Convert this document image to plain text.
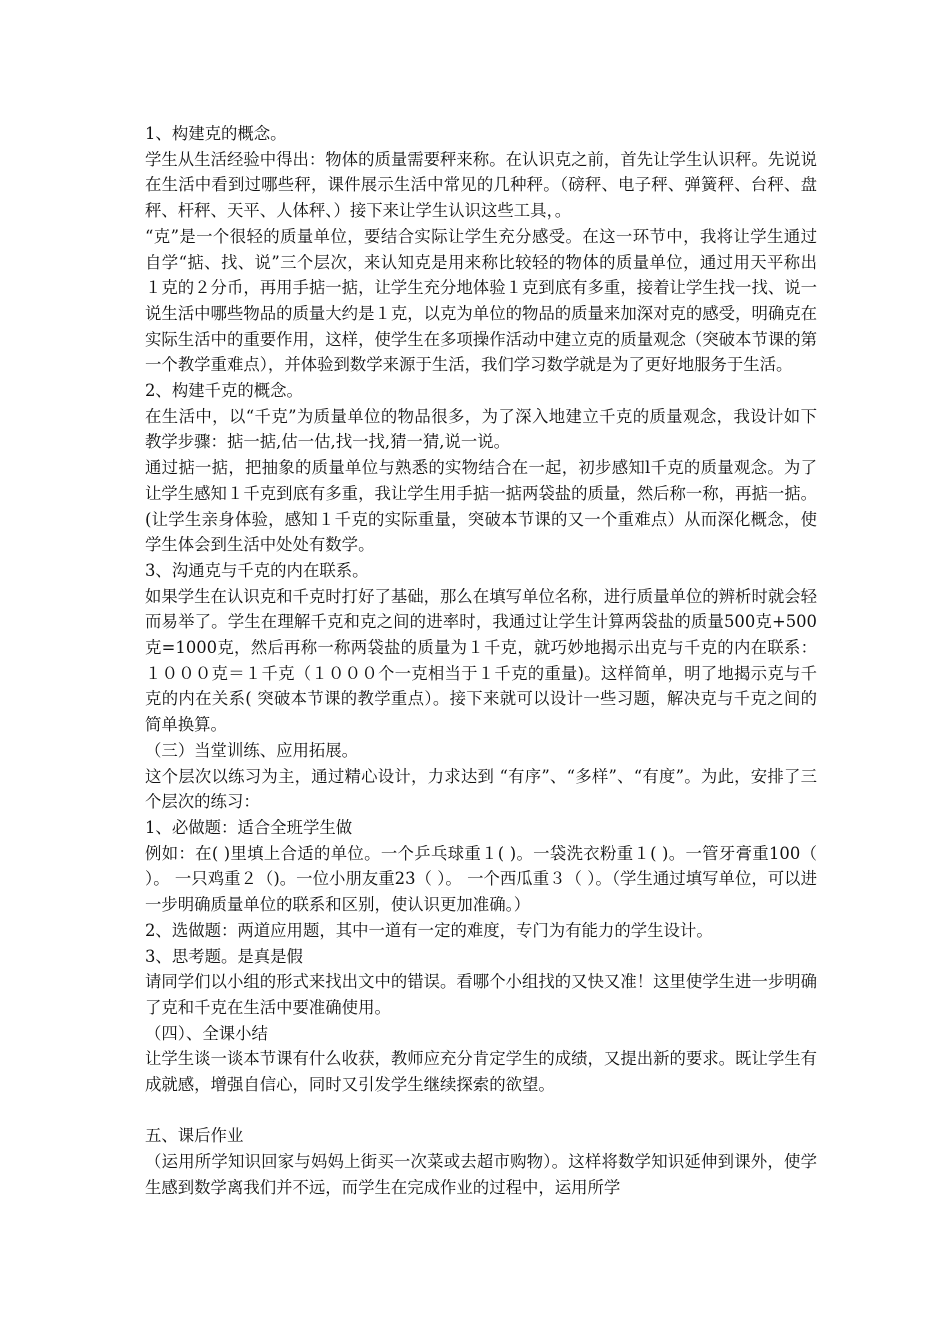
1、构建克的概念。

学生从生活经验中得出：物体的质量需要秤来称。在认识克之前，首先让学生认识秤。先说说在生活中看到过哪些秤，课件展示生活中常见的几种秤。（磅秤、电子秤、弹簧秤、台秤、盘秤、杆秤、天平、人体秤、）接下来让学生认识这些工具，。

“克”是一个很轻的质量单位，要结合实际让学生充分感受。在这一环节中，我将让学生通过自学“掂、找、说”三个层次，来认知克是用来称比较轻的物体的质量单位，通过用天平称出１克的２分币，再用手掂一掂，让学生充分地体验１克到底有多重，接着让学生找一找、说一说生活中哪些物品的质量大约是１克，以克为单位的物品的质量来加深对克的感受，明确克在实际生活中的重要作用，这样，使学生在多项操作活动中建立克的质量观念（突破本节课的第一个教学重难点），并体验到数学来源于生活，我们学习数学就是为了更好地服务于生活。

2、构建千克的概念。

在生活中，以“千克”为质量单位的物品很多，为了深入地建立千克的质量观念，我设计如下教学步骤：掂一掂,估一估,找一找,猜一猜,说一说。

通过掂一掂，把抽象的质量单位与熟悉的实物结合在一起，初步感知l千克的质量观念。为了让学生感知１千克到底有多重，我让学生用手掂一掂两袋盐的质量，然后称一称，再掂一掂。(让学生亲身体验，感知１千克的实际重量，突破本节课的又一个重难点）从而深化概念，使学生体会到生活中处处有数学。

3、沟通克与千克的内在联系。

如果学生在认识克和千克时打好了基础，那么在填写单位名称，进行质量单位的辨析时就会轻而易举了。学生在理解千克和克之间的进率时，我通过让学生计算两袋盐的质量500克+500克=1000克，然后再称一称两袋盐的质量为１千克，就巧妙地揭示出克与千克的内在联系：１０００克＝１千克（１０００个一克相当于１千克的重量)。这样简单，明了地揭示克与千克的内在关系( 突破本节课的教学重点）。接下来就可以设计一些习题，解决克与千克之间的简单换算。

（三）当堂训练、应用拓展。

这个层次以练习为主，通过精心设计，力求达到 “有序”、“多样”、“有度”。为此，安排了三个层次的练习：

1、必做题：适合全班学生做

例如：在( )里填上合适的单位。一个乒乓球重１( )。一袋洗衣粉重１( )。一管牙膏重100（ ）。 一只鸡重２（)。一位小朋友重23（ ）。 一个西瓜重３（ ）。（学生通过填写单位，可以进一步明确质量单位的联系和区别，使认识更加准确。）

2、选做题：两道应用题，其中一道有一定的难度，专门为有能力的学生设计。

3、思考题。是真是假

请同学们以小组的形式来找出文中的错误。看哪个小组找的又快又准！这里使学生进一步明确了克和千克在生活中要准确使用。

（四）、全课小结

让学生谈一谈本节课有什么收获，教师应充分肯定学生的成绩，又提出新的要求。既让学生有成就感，增强自信心，同时又引发学生继续探索的欲望。

五、课后作业

（运用所学知识回家与妈妈上街买一次菜或去超市购物）。这样将数学知识延伸到课外，使学生感到数学离我们并不远，而学生在完成作业的过程中，运用所学
